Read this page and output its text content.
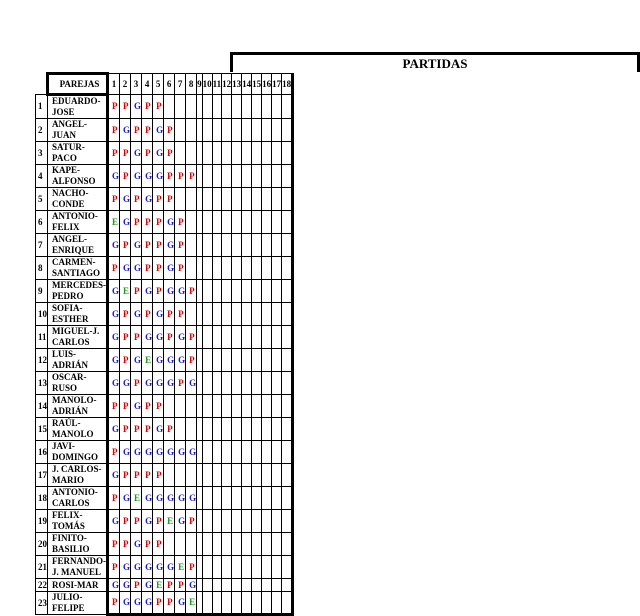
PARTIDAS
	PAREJAS	1	2	3	4	5	6	7	8	9	10	11	12	13	14	15	16	17	18
1	EDUARDO-JOSE	P	P	G	P	P													
2	ANGEL-JUAN	P	G	P	P	G	P												
3	SATUR-PACO	P	P	G	P	G	P												
4	KAPE-ALFONSO	G	P	G	G	G	P	P	P										
5	NACHO-CONDE	P	G	P	G	P	P												
6	ANTONIO-FELIX	E	G	P	P	P	G	P											
7	ANGEL-ENRIQUE	G	P	G	P	P	G	P											
8	CARMEN-SANTIAGO	P	G	G	P	P	G	P											
9	MERCEDES-PEDRO	G	E	P	G	P	G	G	P										
10	SOFIA-ESTHER	G	P	G	P	G	P	P											
11	MIGUEL-J. CARLOS	G	P	P	G	G	P	G	P										
12	LUIS-ADRIÁN	G	P	G	E	G	G	G	P										
13	OSCAR-RUSO	G	G	P	G	G	G	P	G										
14	MANOLO-ADRIÁN	P	P	G	P	P													
15	RAÚL-MANOLO	G	P	P	P	G	P												
16	JAVI-DOMINGO	P	G	G	G	G	G	G	G										
17	J. CARLOS-MARIO	G	P	P	P	P													
18	ANTONIO-CARLOS	P	G	E	G	G	G	G	G										
19	FELIX-TOMÁS	G	P	P	G	P	E	G	P										
20	FINITO-BASILIO	P	P	G	P	P													
21	FERNANDO-J. MANUEL	P	G	G	G	G	G	E	P										
22	ROSI-MAR	G	G	P	G	E	P	P	G										
23	JULIO-FELIPE	P	G	G	G	P	P	G	E										
